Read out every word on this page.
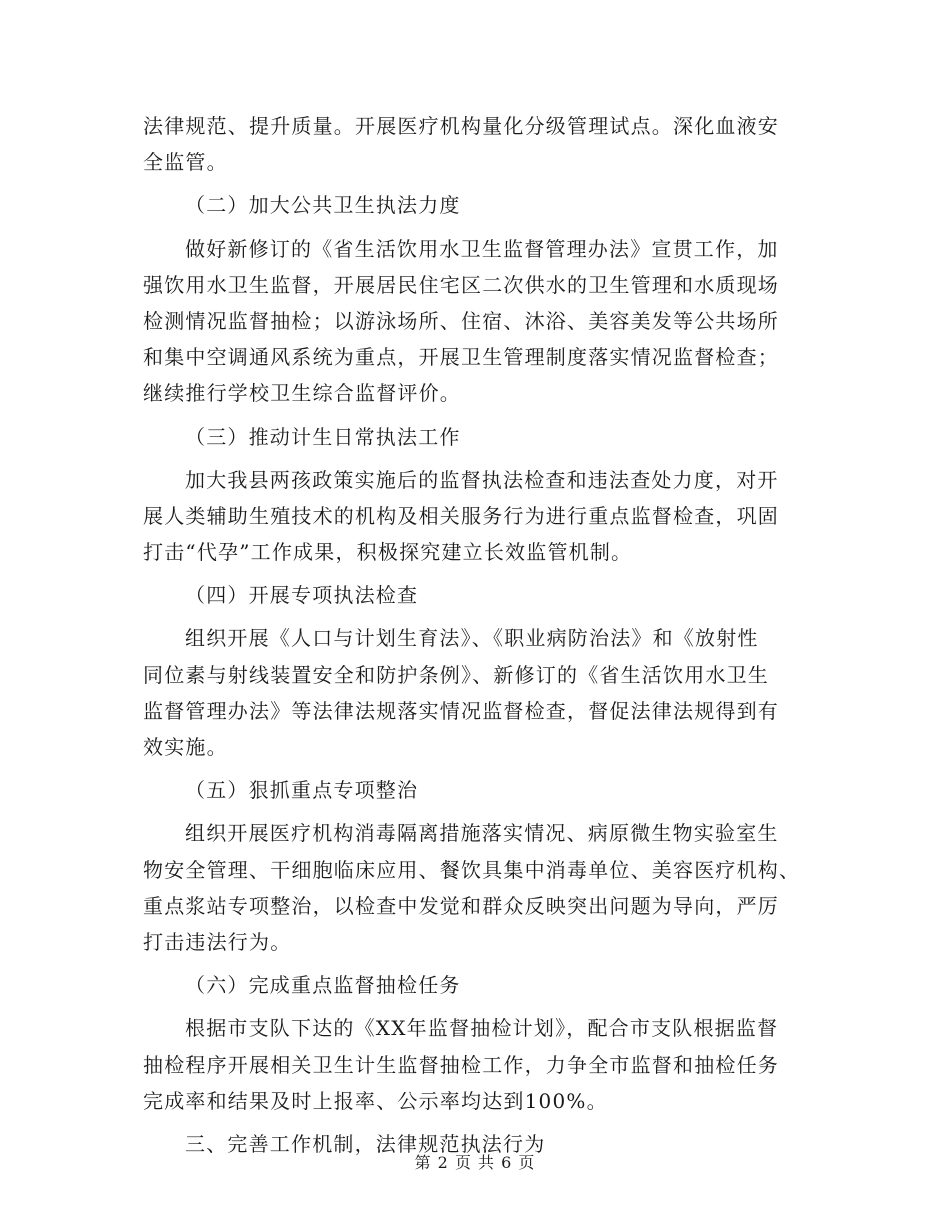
法律规范、提升质量。开展医疗机构量化分级管理试点。深化血液安
全监管。
（二）加大公共卫生执法力度
做好新修订的《省生活饮用水卫生监督管理办法》宣贯工作，加
强饮用水卫生监督，开展居民住宅区二次供水的卫生管理和水质现场
检测情况监督抽检；以游泳场所、住宿、沐浴、美容美发等公共场所
和集中空调通风系统为重点，开展卫生管理制度落实情况监督检查；
继续推行学校卫生综合监督评价。
（三）推动计生日常执法工作
加大我县两孩政策实施后的监督执法检查和违法查处力度，对开
展人类辅助生殖技术的机构及相关服务行为进行重点监督检查，巩固
打击“代孕”工作成果，积极探究建立长效监管机制。
（四）开展专项执法检查
组织开展《人口与计划生育法》、《职业病防治法》和《放射性
同位素与射线装置安全和防护条例》、新修订的《省生活饮用水卫生
监督管理办法》等法律法规落实情况监督检查，督促法律法规得到有
效实施。
（五）狠抓重点专项整治
组织开展医疗机构消毒隔离措施落实情况、病原微生物实验室生
物安全管理、干细胞临床应用、餐饮具集中消毒单位、美容医疗机构、
重点浆站专项整治，以检查中发觉和群众反映突出问题为导向，严厉
打击违法行为。
（六）完成重点监督抽检任务
根据市支队下达的《XX年监督抽检计划》，配合市支队根据监督
抽检程序开展相关卫生计生监督抽检工作，力争全市监督和抽检任务
完成率和结果及时上报率、公示率均达到100%。
三、完善工作机制，法律规范执法行为
第 2 页 共 6 页
